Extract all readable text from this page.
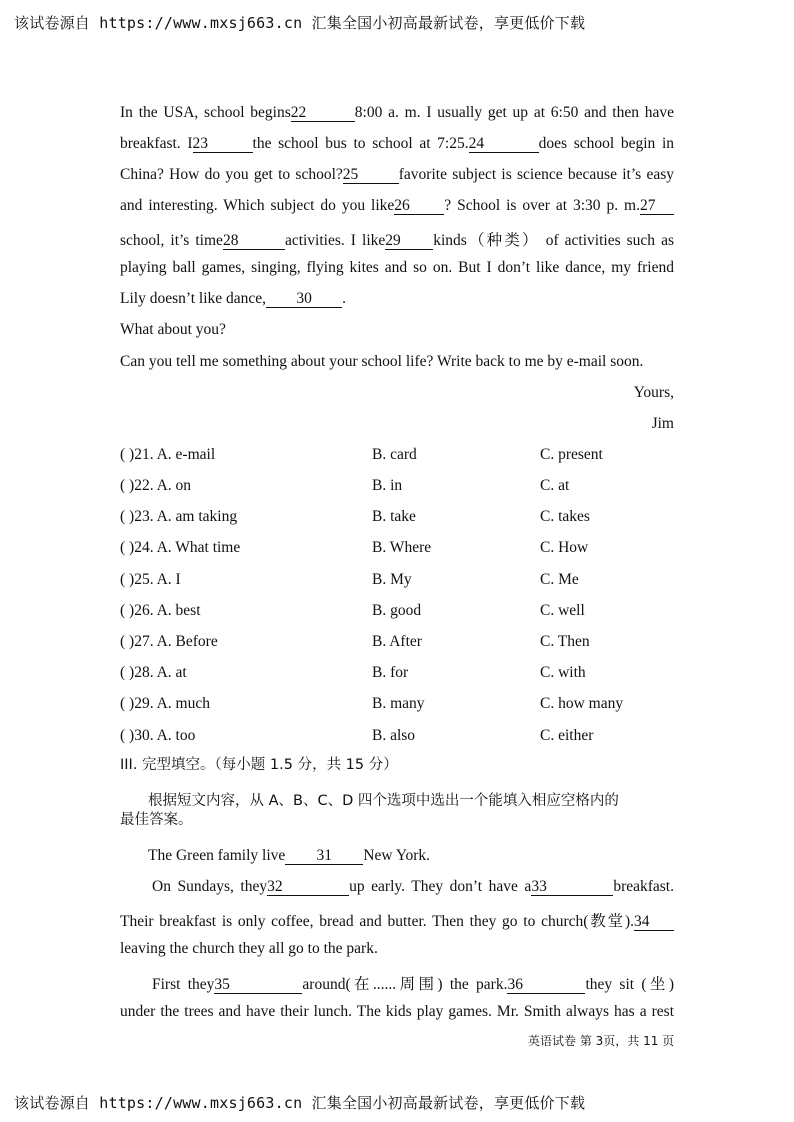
该试卷源自 https://www.mxsj663.cn 汇集全国小初高最新试卷，享更低价下载
In the USA, school begins22	8:00 a. m. I usually get up at 6:50 and then have
breakfast. I23	the school bus to school at 7:25.24	does school begin in
China? How do you get to school?25	favorite subject is science because it’s easy
and interesting. Which subject do you like26 ? School is over at 3:30 p. m.27
school, it’s time28	activities. I like29 kinds（种类） of activities such as
playing ball games, singing, flying kites and so on. But I don’t like dance, my friend
Lily doesn’t like dance, 30 .
What about you?
Can you tell me something about your school life? Write back to me by e-mail soon.
Yours,
Jim
( )21. A. e-mail	B. card	C. present
( )22. A. on	B. in	C. at
( )23. A. am taking	B. take	C. takes
( )24. A. What time	B. Where	C. How
( )25. A. I	B. My	C. Me
( )26. A. best	B. good	C. well
( )27. A. Before	B. After	C. Then
( )28. A. at	B. for	C. with
( )29. A. much	B. many	C. how many
( )30. A. too	B. also	C. either
III. 完型填空。（每小题 1.5 分，共 15 分）
根据短文内容，从 A、B、C、D 四个选项中选出一个能填入相应空格内的
最佳答案。
The Green family live 31 New York.
On Sundays, they32	up early. They don’t have a33	breakfast.
Their breakfast is only coffee, bread and butter. Then they go to church(教堂).34
leaving the church they all go to the park.
First they35	around(在......周围) the park.36	they sit (坐)
under the trees and have their lunch. The kids play games. Mr. Smith always has a rest
英语试卷 第 3页，共 11 页
该试卷源自 https://www.mxsj663.cn 汇集全国小初高最新试卷，享更低价下载
